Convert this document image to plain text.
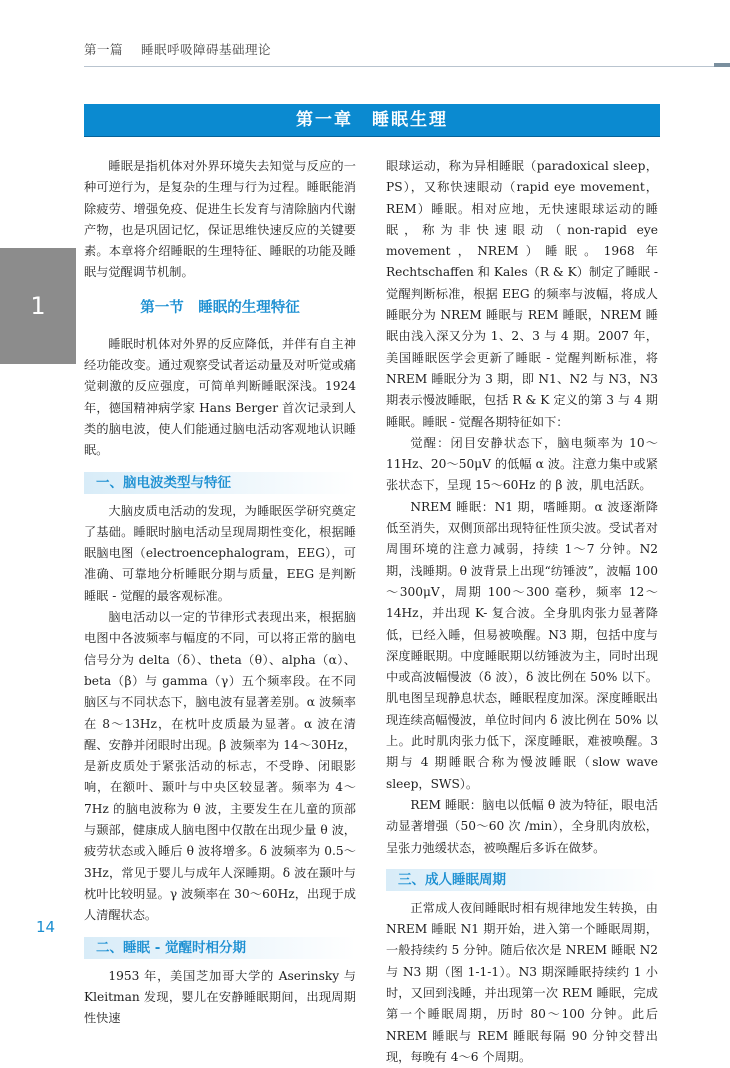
第一篇 睡眠呼吸障碍基础理论
第一章　睡眠生理
1

睡眠是指机体对外界环境失去知觉与反应的一种可逆行为，是复杂的生理与行为过程。睡眠能消除疲劳、增强免疫、促进生长发育与清除脑内代谢产物，也是巩固记忆，保证思维快速反应的关键要素。本章将介绍睡眠的生理特征、睡眠的功能及睡眠与觉醒调节机制。

第一节　睡眠的生理特征

睡眠时机体对外界的反应降低，并伴有自主神经功能改变。通过观察受试者运动量及对听觉或痛觉刺激的反应强度，可简单判断睡眠深浅。1924年，德国精神病学家 Hans Berger 首次记录到人类的脑电波，使人们能通过脑电活动客观地认识睡眠。

一、脑电波类型与特征

大脑皮质电活动的发现，为睡眠医学研究奠定了基础。睡眠时脑电活动呈现周期性变化，根据睡眠脑电图（electroencephalogram，EEG），可准确、可靠地分析睡眠分期与质量，EEG 是判断睡眠 - 觉醒的最客观标准。

脑电活动以一定的节律形式表现出来，根据脑电图中各波频率与幅度的不同，可以将正常的脑电信号分为 delta（δ）、theta（θ）、alpha（α）、beta（β）与 gamma（γ）五个频率段。在不同脑区与不同状态下，脑电波有显著差别。α 波频率在 8～13Hz，在枕叶皮质最为显著。α 波在清醒、安静并闭眼时出现。β 波频率为 14～30Hz，是新皮质处于紧张活动的标志，不受睁、闭眼影响，在额叶、颞叶与中央区较显著。频率为 4～7Hz 的脑电波称为 θ 波，主要发生在儿童的顶部与颞部，健康成人脑电图中仅散在出现少量 θ 波，疲劳状态或入睡后 θ 波将增多。δ 波频率为 0.5～3Hz，常见于婴儿与成年人深睡期。δ 波在颞叶与枕叶比较明显。γ 波频率在 30～60Hz，出现于成人清醒状态。

二、睡眠 - 觉醒时相分期

1953 年，美国芝加哥大学的 Aserinsky 与 Kleitman 发现，婴儿在安静睡眠期间，出现周期性快速

眼球运动，称为异相睡眠（paradoxical sleep，PS），又称快速眼动（rapid eye movement，REM）睡眠。相对应地，无快速眼球运动的睡眠，称为非快速眼动（non-rapid eye movement，NREM）睡眠。1968 年 Rechtschaffen 和 Kales（R & K）制定了睡眠 - 觉醒判断标准，根据 EEG 的频率与波幅，将成人睡眠分为 NREM 睡眠与 REM 睡眠，NREM 睡眠由浅入深又分为 1、2、3 与 4 期。2007 年，美国睡眠医学会更新了睡眠 - 觉醒判断标准，将 NREM 睡眠分为 3 期，即 N1、N2 与 N3，N3 期表示慢波睡眠，包括 R & K 定义的第 3 与 4 期睡眠。睡眠 - 觉醒各期特征如下：

觉醒：闭目安静状态下，脑电频率为 10～11Hz、20～50μV 的低幅 α 波。注意力集中或紧张状态下，呈现 15～60Hz 的 β 波，肌电活跃。

NREM 睡眠：N1 期，嗜睡期。α 波逐渐降低至消失，双侧顶部出现特征性顶尖波。受试者对周围环境的注意力减弱，持续 1～7 分钟。N2 期，浅睡期。θ 波背景上出现“纺锤波”，波幅 100～300μV，周期 100～300 毫秒，频率 12～14Hz，并出现 K- 复合波。全身肌肉张力显著降低，已经入睡，但易被唤醒。N3 期，包括中度与深度睡眠期。中度睡眠期以纺锤波为主，同时出现中或高波幅慢波（δ 波），δ 波比例在 50% 以下。肌电图呈现静息状态，睡眠程度加深。深度睡眠出现连续高幅慢波，单位时间内 δ 波比例在 50% 以上。此时肌肉张力低下，深度睡眠，难被唤醒。3 期与 4 期睡眠合称为慢波睡眠（slow wave sleep，SWS）。

REM 睡眠：脑电以低幅 θ 波为特征，眼电活动显著增强（50～60 次 /min），全身肌肉放松，呈张力弛缓状态，被唤醒后多诉在做梦。

三、成人睡眠周期

正常成人夜间睡眠时相有规律地发生转换，由 NREM 睡眠 N1 期开始，进入第一个睡眠周期，一般持续约 5 分钟。随后依次是 NREM 睡眠 N2 与 N3 期（图 1-1-1）。N3 期深睡眠持续约 1 小时，又回到浅睡，并出现第一次 REM 睡眠，完成第一个睡眠周期，历时 80～100 分钟。此后 NREM 睡眠与 REM 睡眠每隔 90 分钟交替出现，每晚有 4～6 个周期。

14
